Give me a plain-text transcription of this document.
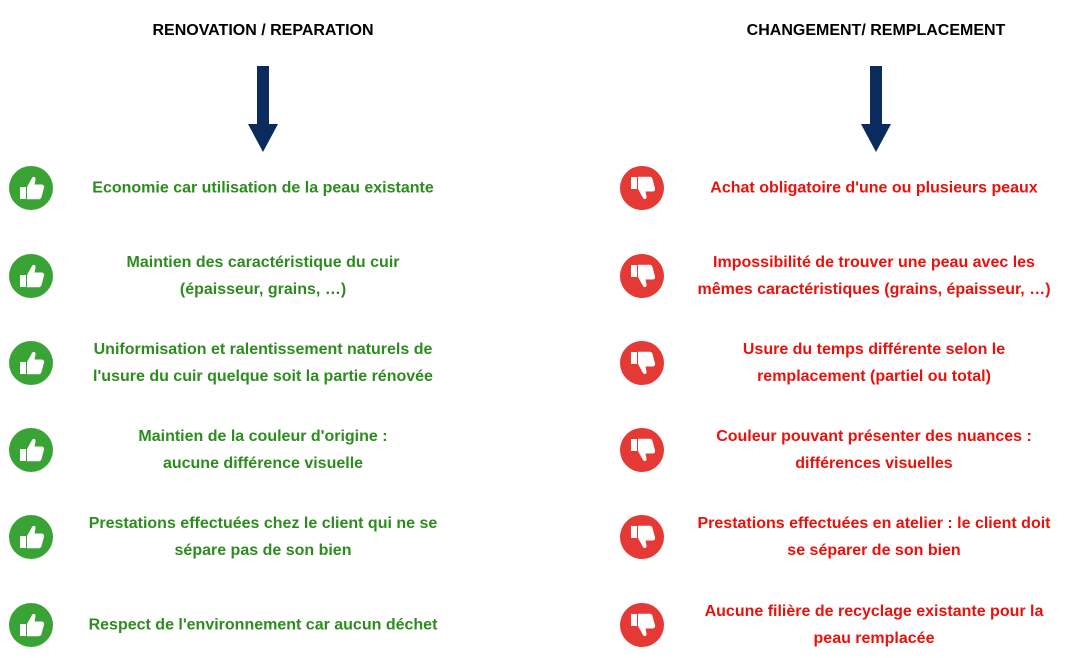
RENOVATION / REPARATION	CHANGEMENT/ REMPLACEMENT
Economie car utilisation de la peau existante
Maintien des caractéristique du cuir
(épaisseur, grains, …)
Uniformisation et ralentissement naturels de
l'usure du cuir quelque soit la partie rénovée
Maintien de la couleur d'origine :
aucune différence visuelle
Prestations effectuées chez le client qui ne se
sépare pas de son bien
Respect de l'environnement car aucun déchet
Achat obligatoire d'une ou plusieurs peaux
Impossibilité de trouver une peau avec les
mêmes caractéristiques (grains, épaisseur, …)
Usure du temps différente selon le
remplacement (partiel ou total)
Couleur pouvant présenter des nuances :
différences visuelles
Prestations effectuées en atelier : le client doit
se séparer de son bien
Aucune filière de recyclage existante pour la
peau remplacée
